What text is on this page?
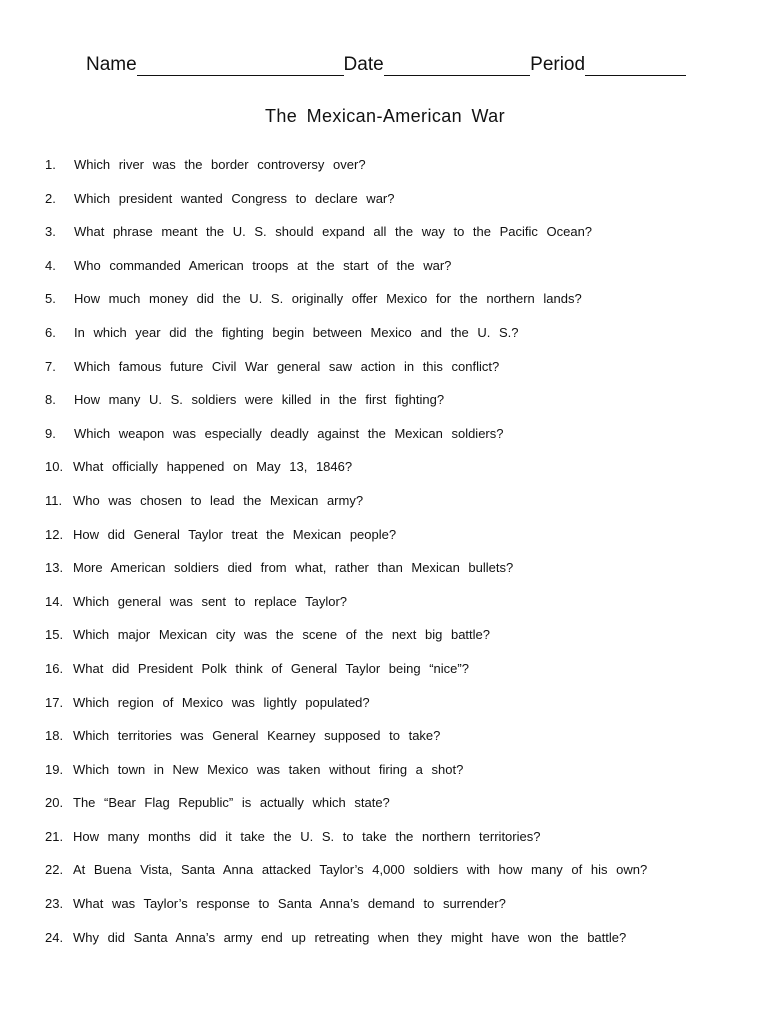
Name	Date	Period
The Mexican-American War
1.	Which river was the border controversy over?
2.	Which president wanted Congress to declare war?
3.	What phrase meant the U. S. should expand all the way to the Pacific Ocean?
4.	Who commanded American troops at the start of the war?
5.	How much money did the U. S. originally offer Mexico for the northern lands?
6.	In which year did the fighting begin between Mexico and the U. S.?
7.	Which famous future Civil War general saw action in this conflict?
8.	How many U. S. soldiers were killed in the first fighting?
9.	Which weapon was especially deadly against the Mexican soldiers?
10. What officially happened on May 13, 1846?
11. Who was chosen to lead the Mexican army?
12. How did General Taylor treat the Mexican people?
13. More American soldiers died from what, rather than Mexican bullets?
14. Which general was sent to replace Taylor?
15. Which major Mexican city was the scene of the next big battle?
16. What did President Polk think of General Taylor being “nice”?
17. Which region of Mexico was lightly populated?
18. Which territories was General Kearney supposed to take?
19. Which town in New Mexico was taken without firing a shot?
20. The “Bear Flag Republic” is actually which state?
21. How many months did it take the U. S. to take the northern territories?
22. At Buena Vista, Santa Anna attacked Taylor’s 4,000 soldiers with how many of his own?
23. What was Taylor’s response to Santa Anna’s demand to surrender?
24. Why did Santa Anna’s army end up retreating when they might have won the battle?
